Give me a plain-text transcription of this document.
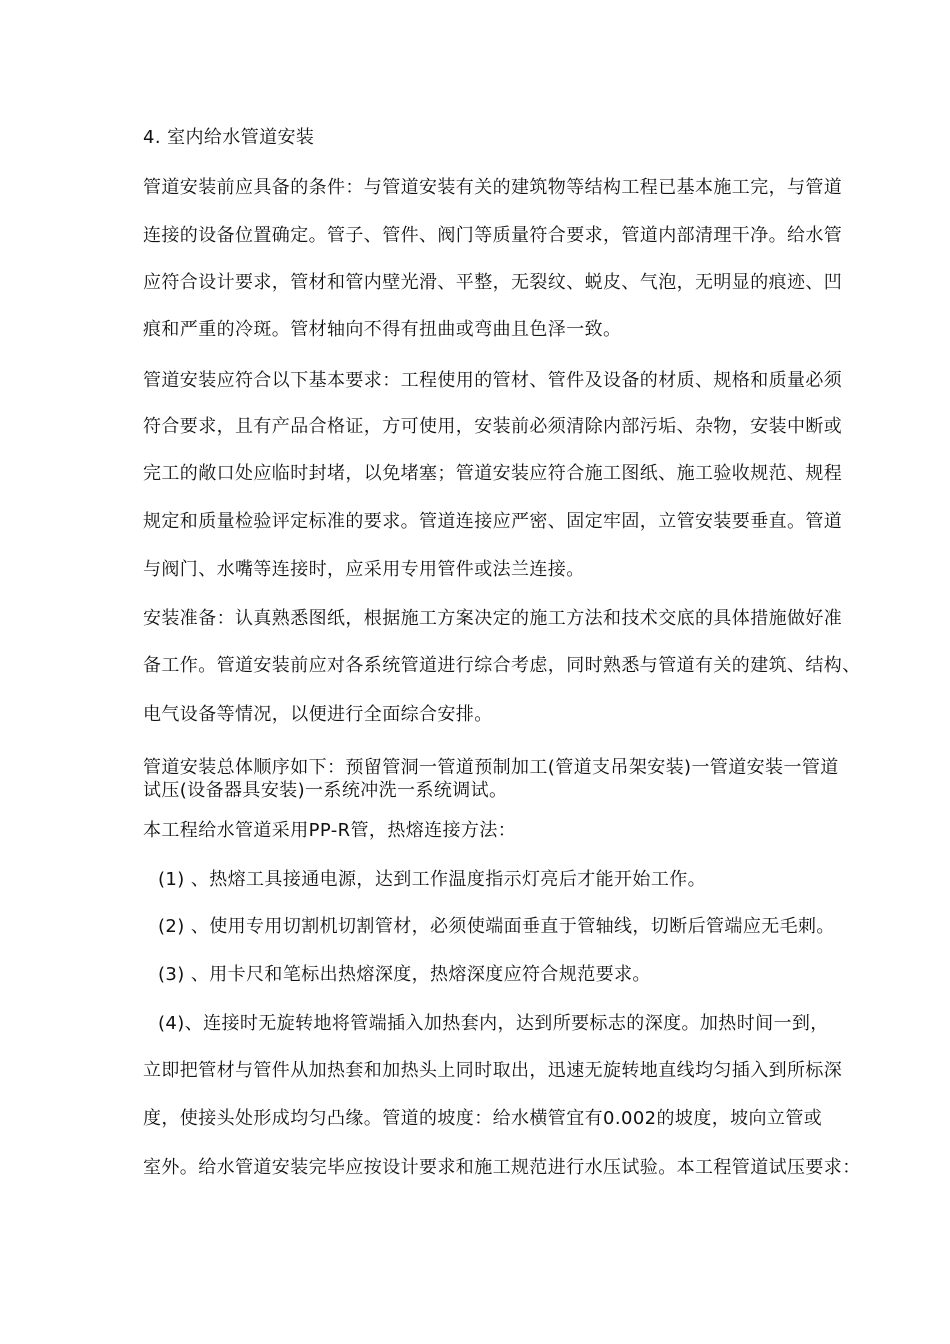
4. 室内给水管道安装
管道安装前应具备的条件：与管道安装有关的建筑物等结构工程已基本施工完，与管道
连接的设备位置确定。管子、管件、阀门等质量符合要求，管道内部清理干净。给水管
应符合设计要求，管材和管内壁光滑、平整，无裂纹、蜕皮、气泡，无明显的痕迹、凹
痕和严重的冷斑。管材轴向不得有扭曲或弯曲且色泽一致。
管道安装应符合以下基本要求：工程使用的管材、管件及设备的材质、规格和质量必须
符合要求，且有产品合格证，方可使用，安装前必须清除内部污垢、杂物，安装中断或
完工的敞口处应临时封堵，以免堵塞；管道安装应符合施工图纸、施工验收规范、规程
规定和质量检验评定标准的要求。管道连接应严密、固定牢固，立管安装要垂直。管道
与阀门、水嘴等连接时，应采用专用管件或法兰连接。
安装准备：认真熟悉图纸，根据施工方案决定的施工方法和技术交底的具体措施做好准
备工作。管道安装前应对各系统管道进行综合考虑，同时熟悉与管道有关的建筑、结构、
电气设备等情况，以便进行全面综合安排。
管道安装总体顺序如下：预留管洞一管道预制加工(管道支吊架安装)一管道安装一管道
试压(设备器具安装)一系统冲洗一系统调试。
本工程给水管道采用PP-R管，热熔连接方法：
(1) 、热熔工具接通电源，达到工作温度指示灯亮后才能开始工作。
(2) 、使用专用切割机切割管材，必须使端面垂直于管轴线，切断后管端应无毛刺。
(3) 、用卡尺和笔标出热熔深度，热熔深度应符合规范要求。
(4)、连接时无旋转地将管端插入加热套内，达到所要标志的深度。加热时间一到，
立即把管材与管件从加热套和加热头上同时取出，迅速无旋转地直线均匀插入到所标深
度，使接头处形成均匀凸缘。管道的坡度：给水横管宜有0.002的坡度，坡向立管或
室外。给水管道安装完毕应按设计要求和施工规范进行水压试验。本工程管道试压要求：
